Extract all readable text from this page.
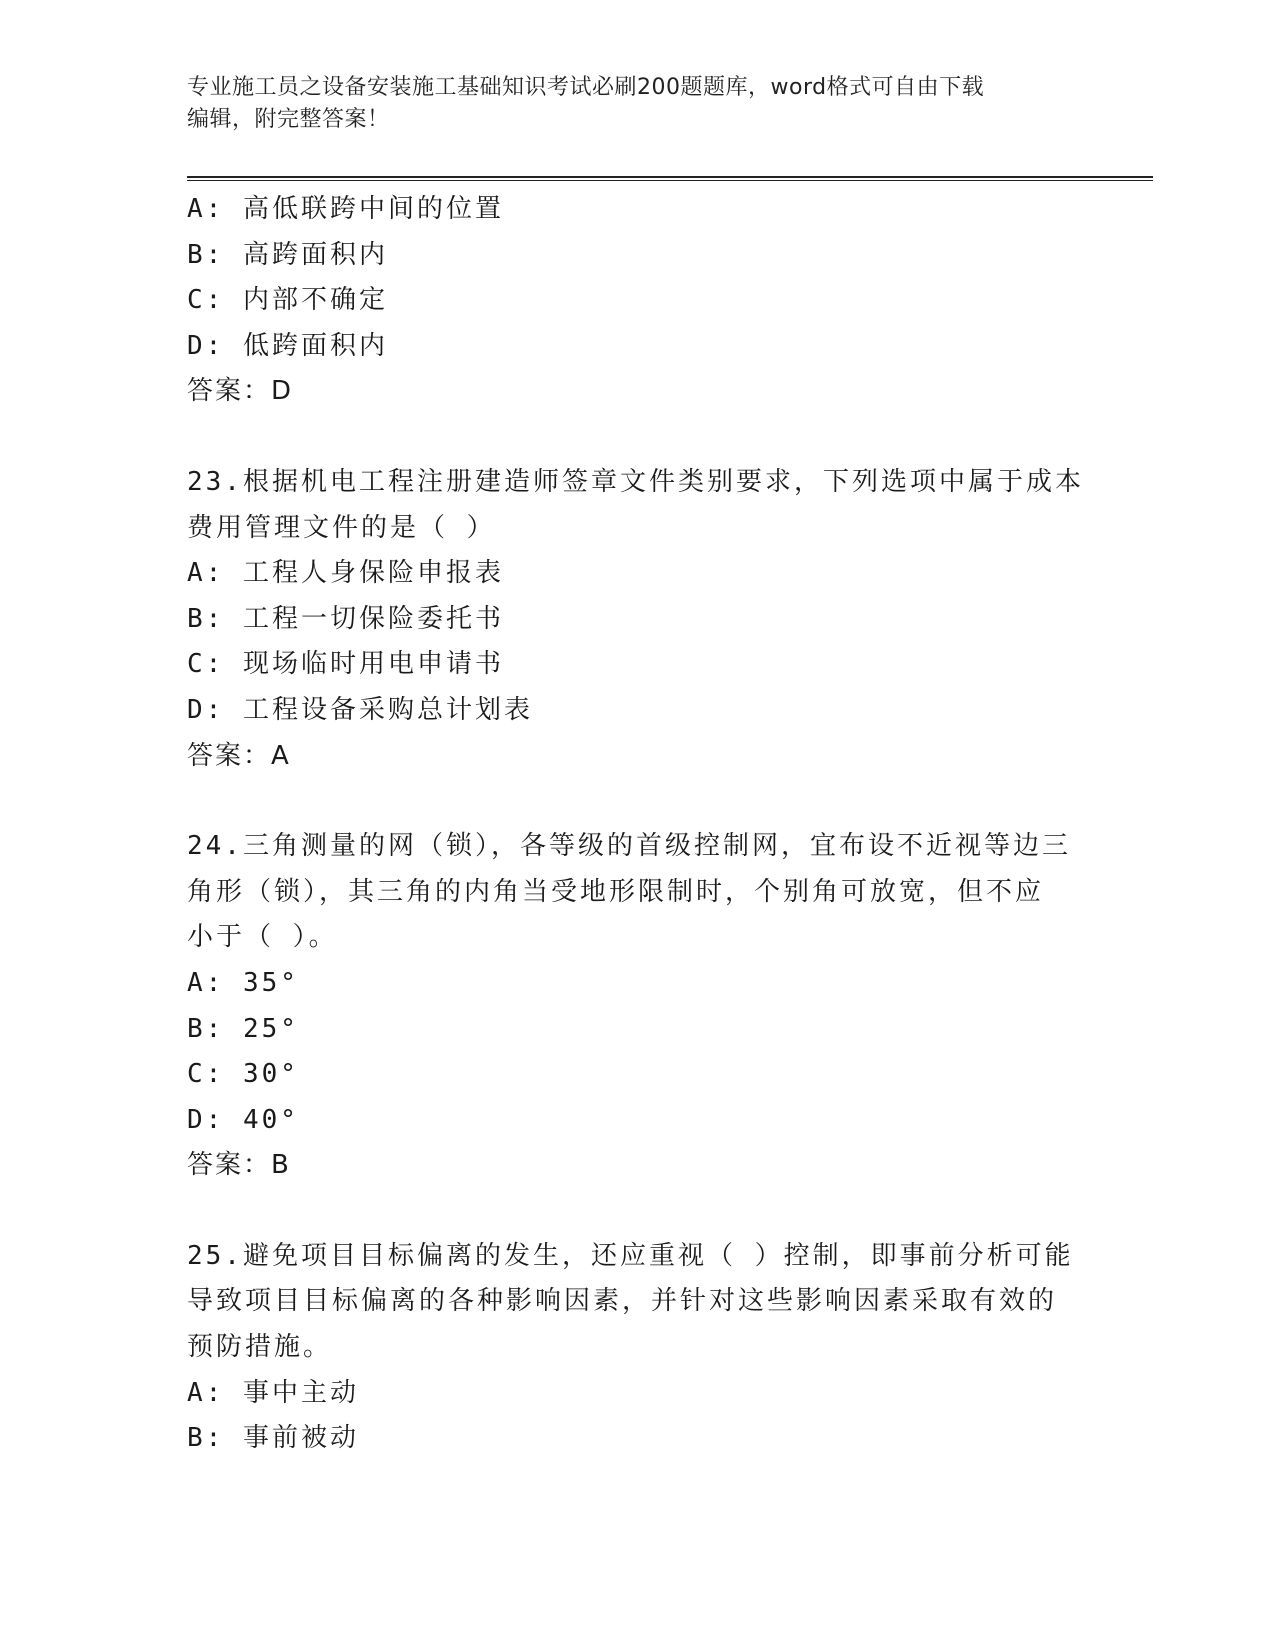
专业施工员之设备安装施工基础知识考试必刷200题题库，word格式可自由下载
编辑，附完整答案！
A: 高低联跨中间的位置
B: 高跨面积内
C: 内部不确定
D: 低跨面积内
答案：D
23.根据机电工程注册建造师签章文件类别要求，下列选项中属于成本
费用管理文件的是（ ）
A: 工程人身保险申报表
B: 工程一切保险委托书
C: 现场临时用电申请书
D: 工程设备采购总计划表
答案：A
24.三角测量的网（锁），各等级的首级控制网，宜布设不近视等边三
角形（锁），其三角的内角当受地形限制时，个别角可放宽，但不应
小于（ ）。
A: 35°
B: 25°
C: 30°
D: 40°
答案：B
25.避免项目目标偏离的发生，还应重视（ ）控制，即事前分析可能
导致项目目标偏离的各种影响因素，并针对这些影响因素采取有效的
预防措施。
A: 事中主动
B: 事前被动
